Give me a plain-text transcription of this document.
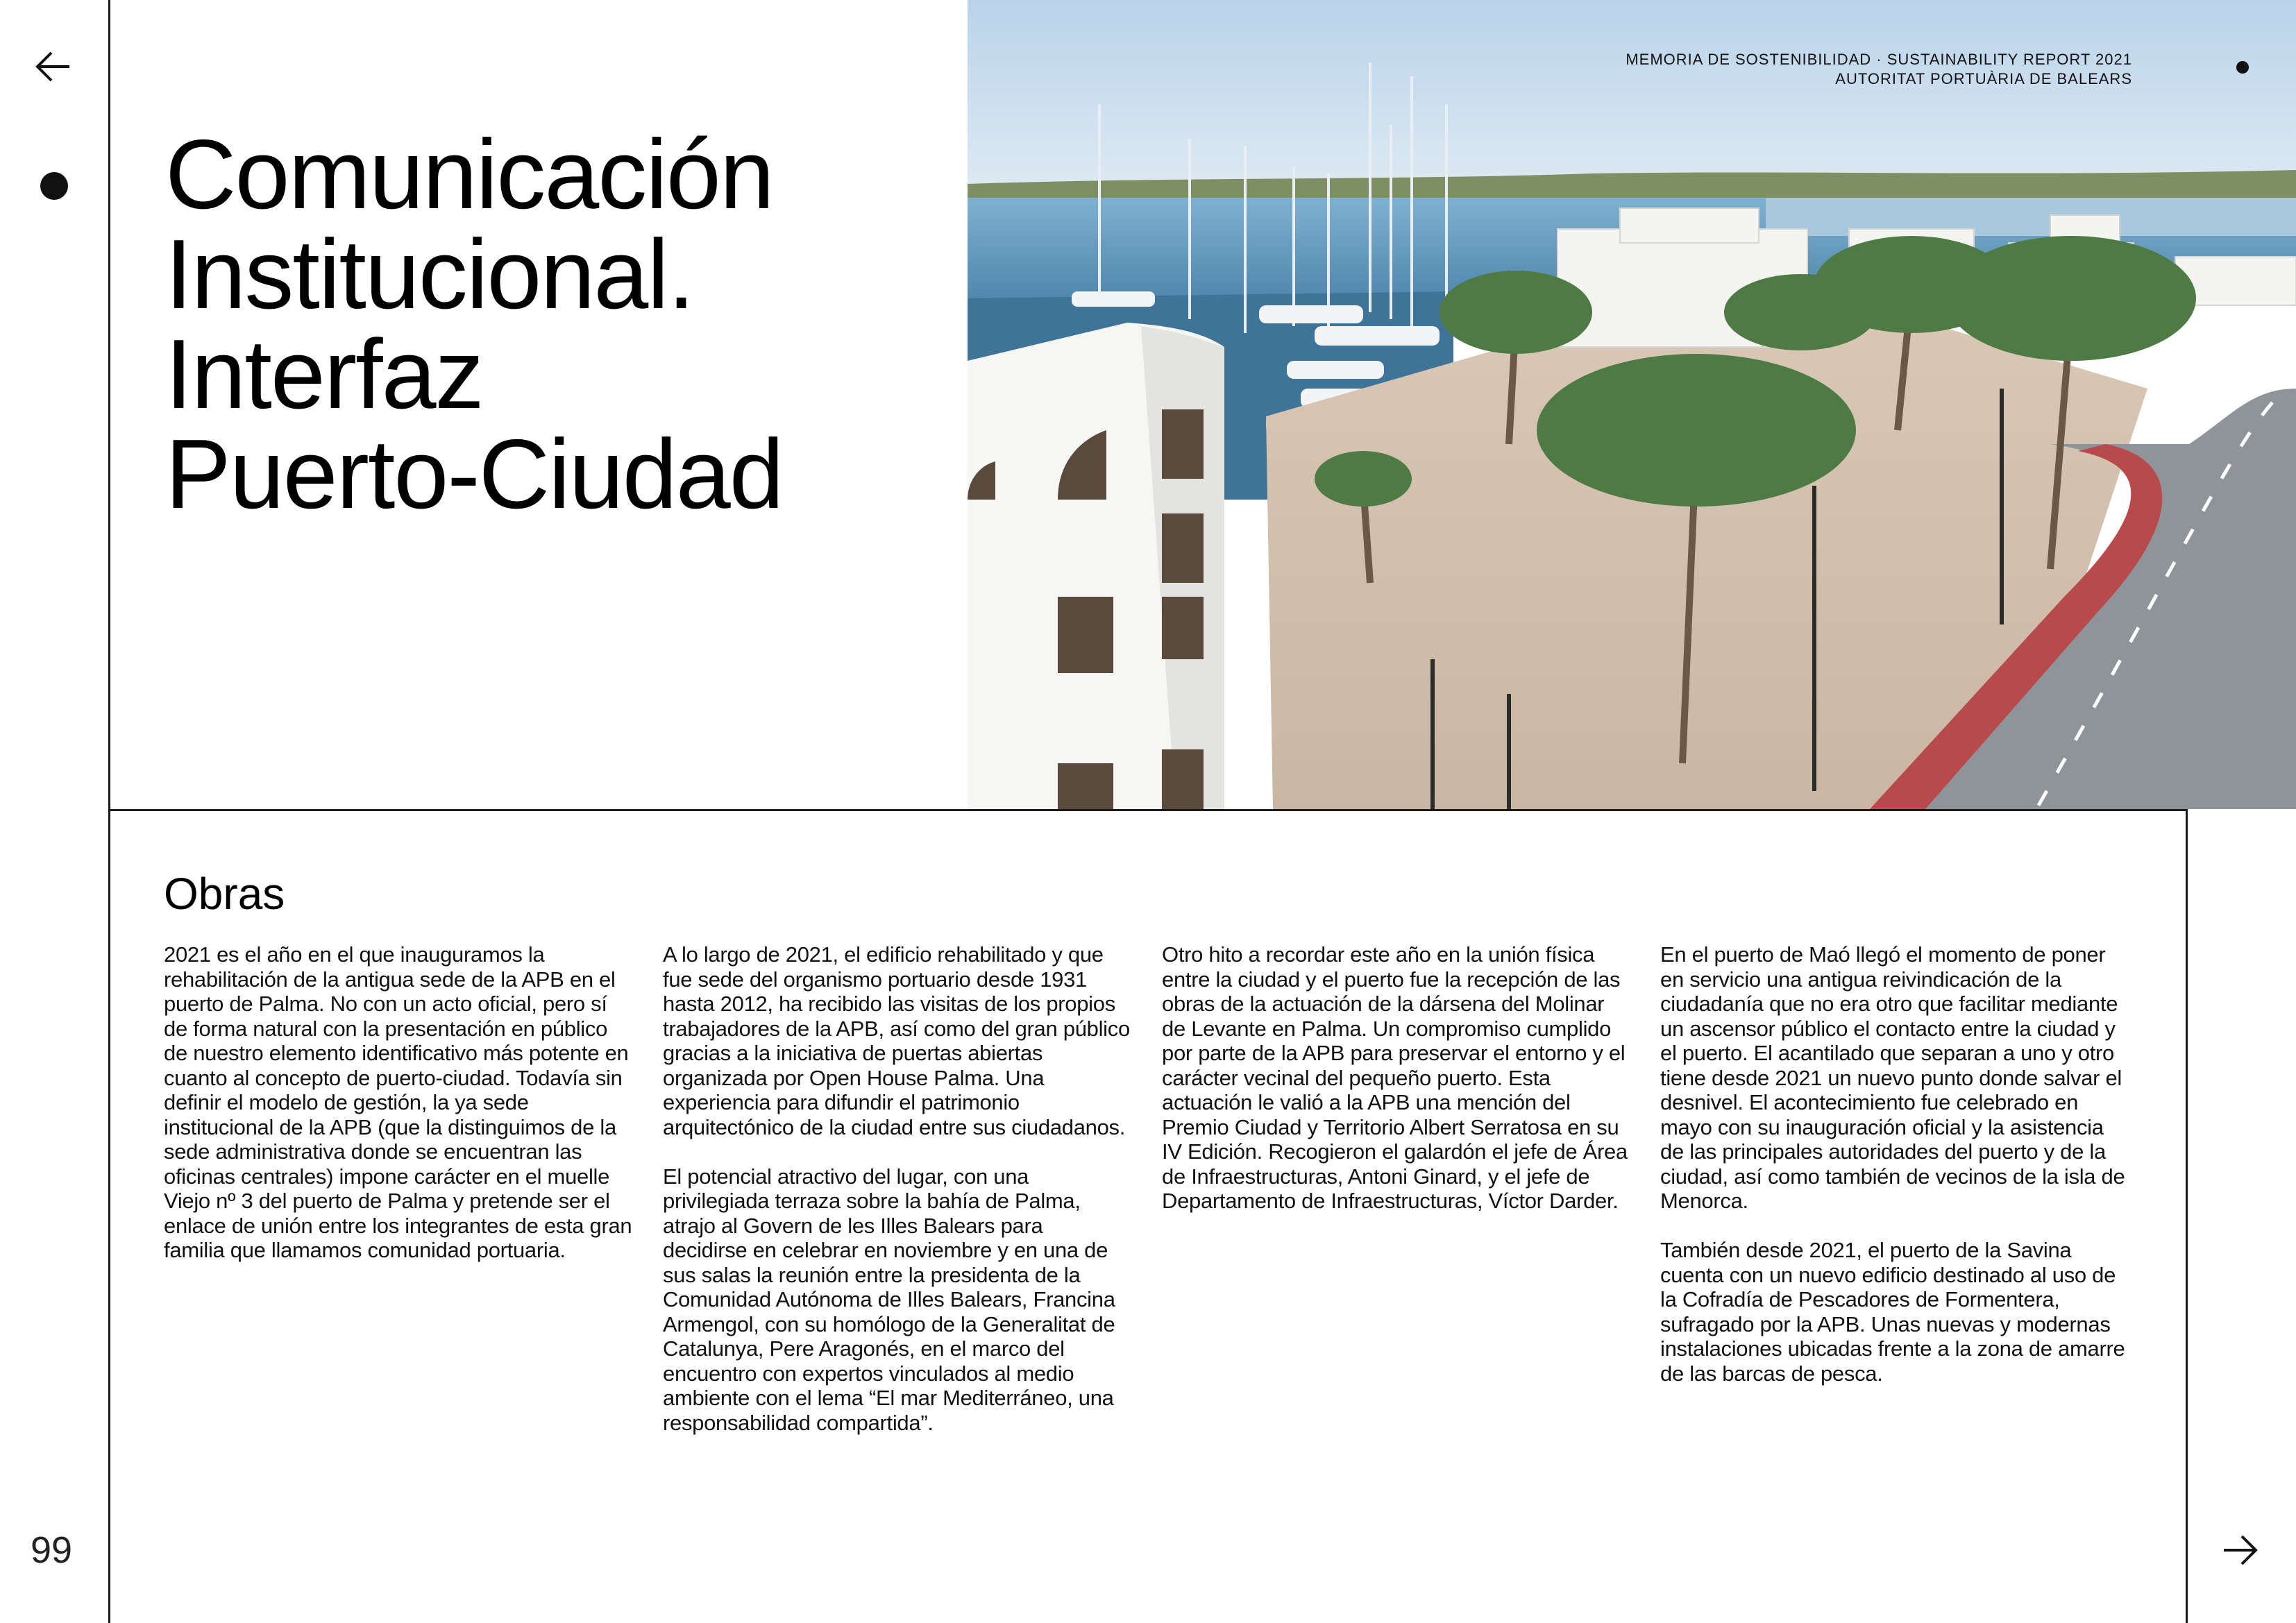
99
Comunicación
Institucional.
Interfaz
Puerto-Ciudad
MEMORIA DE SOSTENIBILIDAD · SUSTAINABILITY REPORT 2021
AUTORITAT PORTUÀRIA DE BALEARS
Obras

2021 es el año en el que inauguramos la rehabilitación de la antigua sede de la APB en el puerto de Palma. No con un acto oficial, pero sí de forma natural con la presentación en público de nuestro elemento identificativo más potente en cuanto al concepto de puerto-ciudad. Todavía sin definir el modelo de gestión, la ya sede institucional de la APB (que la distinguimos de la sede administrativa donde se encuentran las oficinas centrales) impone carácter en el muelle Viejo nº 3 del puerto de Palma y pretende ser el enlace de unión entre los integrantes de esta gran familia que llamamos comunidad portuaria.

A lo largo de 2021, el edificio rehabilitado y que fue sede del organismo portuario desde 1931 hasta 2012, ha recibido las visitas de los propios trabajadores de la APB, así como del gran público gracias a la iniciativa de puertas abiertas organizada por Open House Palma. Una experiencia para difundir el patrimonio arquitectónico de la ciudad entre sus ciudadanos.

El potencial atractivo del lugar, con una privilegiada terraza sobre la bahía de Palma, atrajo al Govern de les Illes Balears para decidirse en celebrar en noviembre y en una de sus salas la reunión entre la presidenta de la Comunidad Autónoma de Illes Balears, Francina Armengol, con su homólogo de la Generalitat de Catalunya, Pere Aragonés, en el marco del encuentro con expertos vinculados al medio ambiente con el lema “El mar Mediterráneo, una responsabilidad compartida”.

Otro hito a recordar este año en la unión física entre la ciudad y el puerto fue la recepción de las obras de la actuación de la dársena del Molinar de Levante en Palma. Un compromiso cumplido por parte de la APB para preservar el entorno y el carácter vecinal del pequeño puerto. Esta actuación le valió a la APB una mención del Premio Ciudad y Territorio Albert Serratosa en su IV Edición. Recogieron el galardón el jefe de Área de Infraestructuras, Antoni Ginard, y el jefe de Departamento de Infraestructuras, Víctor Darder.

En el puerto de Maó llegó el momento de poner en servicio una antigua reivindicación de la ciudadanía que no era otro que facilitar mediante un ascensor público el contacto entre la ciudad y el puerto. El acantilado que separan a uno y otro tiene desde 2021 un nuevo punto donde salvar el desnivel. El acontecimiento fue celebrado en mayo con su inauguración oficial y la asistencia de las principales autoridades del puerto y de la ciudad, así como también de vecinos de la isla de Menorca.

También desde 2021, el puerto de la Savina cuenta con un nuevo edificio destinado al uso de la Cofradía de Pescadores de Formentera, sufragado por la APB. Unas nuevas y modernas instalaciones ubicadas frente a la zona de amarre de las barcas de pesca.
